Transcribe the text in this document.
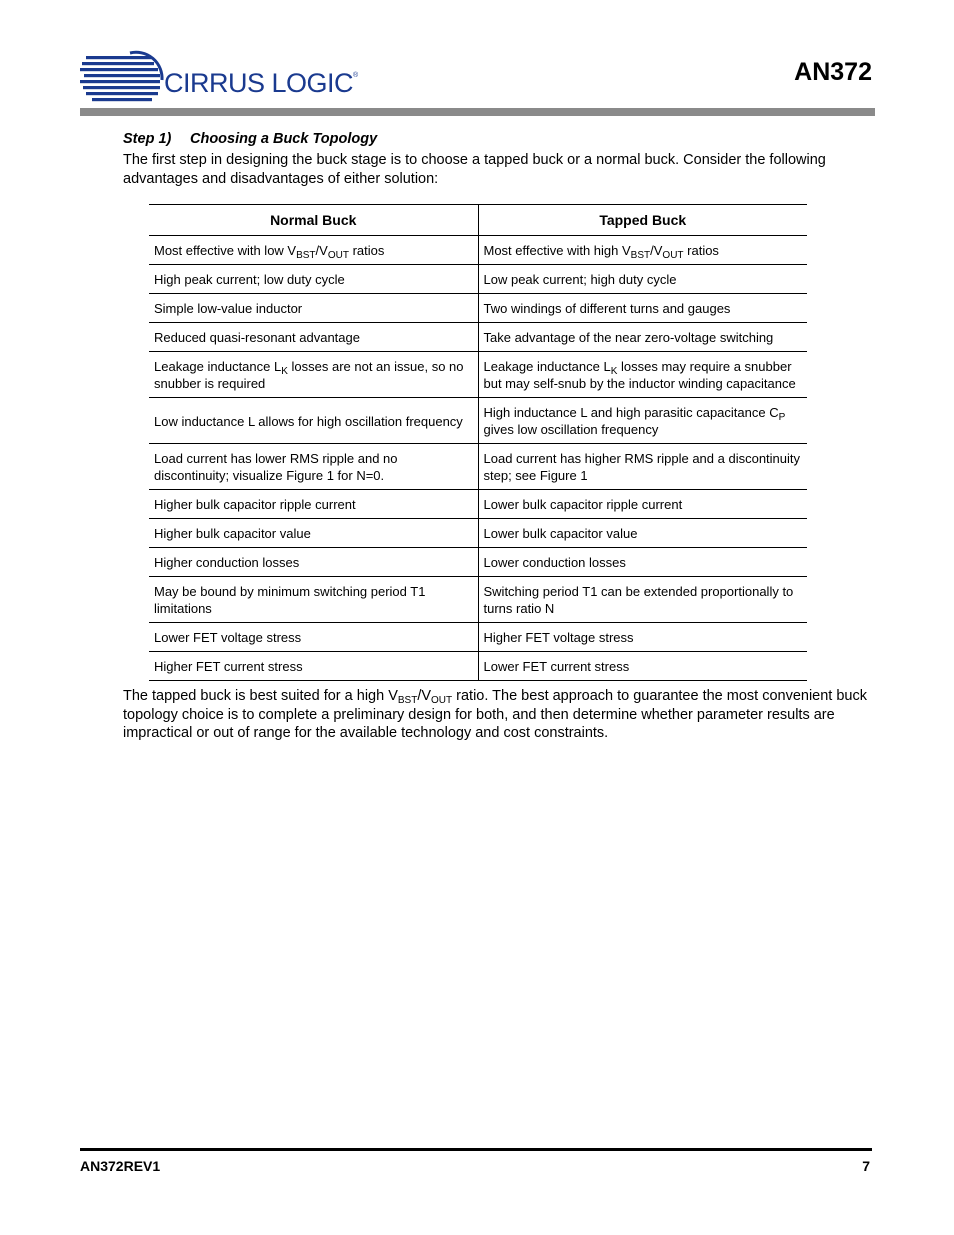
CIRRUS LOGIC®	AN372
Step 1) Choosing a Buck Topology
The first step in designing the buck stage is to choose a tapped buck or a normal buck. Consider the following advantages and disadvantages of either solution:
Normal Buck	Tapped Buck
Most effective with low $V_{BST}/V_{OUT}$ ratios	Most effective with high $V_{BST}/V_{OUT}$ ratios
High peak current; low duty cycle	Low peak current; high duty cycle
Simple low-value inductor	Two windings of different turns and gauges
Reduced quasi-resonant advantage	Take advantage of the near zero-voltage switching
Leakage inductance $L_K$ losses are not an issue, so no snubber is required	Leakage inductance $L_K$ losses may require a snubber but may self-snub by the inductor winding capacitance
Low inductance L allows for high oscillation frequency	High inductance L and high parasitic capacitance $C_P$ gives low oscillation frequency
Load current has lower RMS ripple and no discontinuity; visualize Figure 1 for N=0.	Load current has higher RMS ripple and a discontinuity step; see Figure 1
Higher bulk capacitor ripple current	Lower bulk capacitor ripple current
Higher bulk capacitor value	Lower bulk capacitor value
Higher conduction losses	Lower conduction losses
May be bound by minimum switching period T1 limitations	Switching period T1 can be extended proportionally to turns ratio N
Lower FET voltage stress	Higher FET voltage stress
Higher FET current stress	Lower FET current stress
The tapped buck is best suited for a high $V_{BST}/V_{OUT}$ ratio. The best approach to guarantee the most convenient buck topology choice is to complete a preliminary design for both, and then determine whether parameter results are impractical or out of range for the available technology and cost constraints.
AN372REV1	7
